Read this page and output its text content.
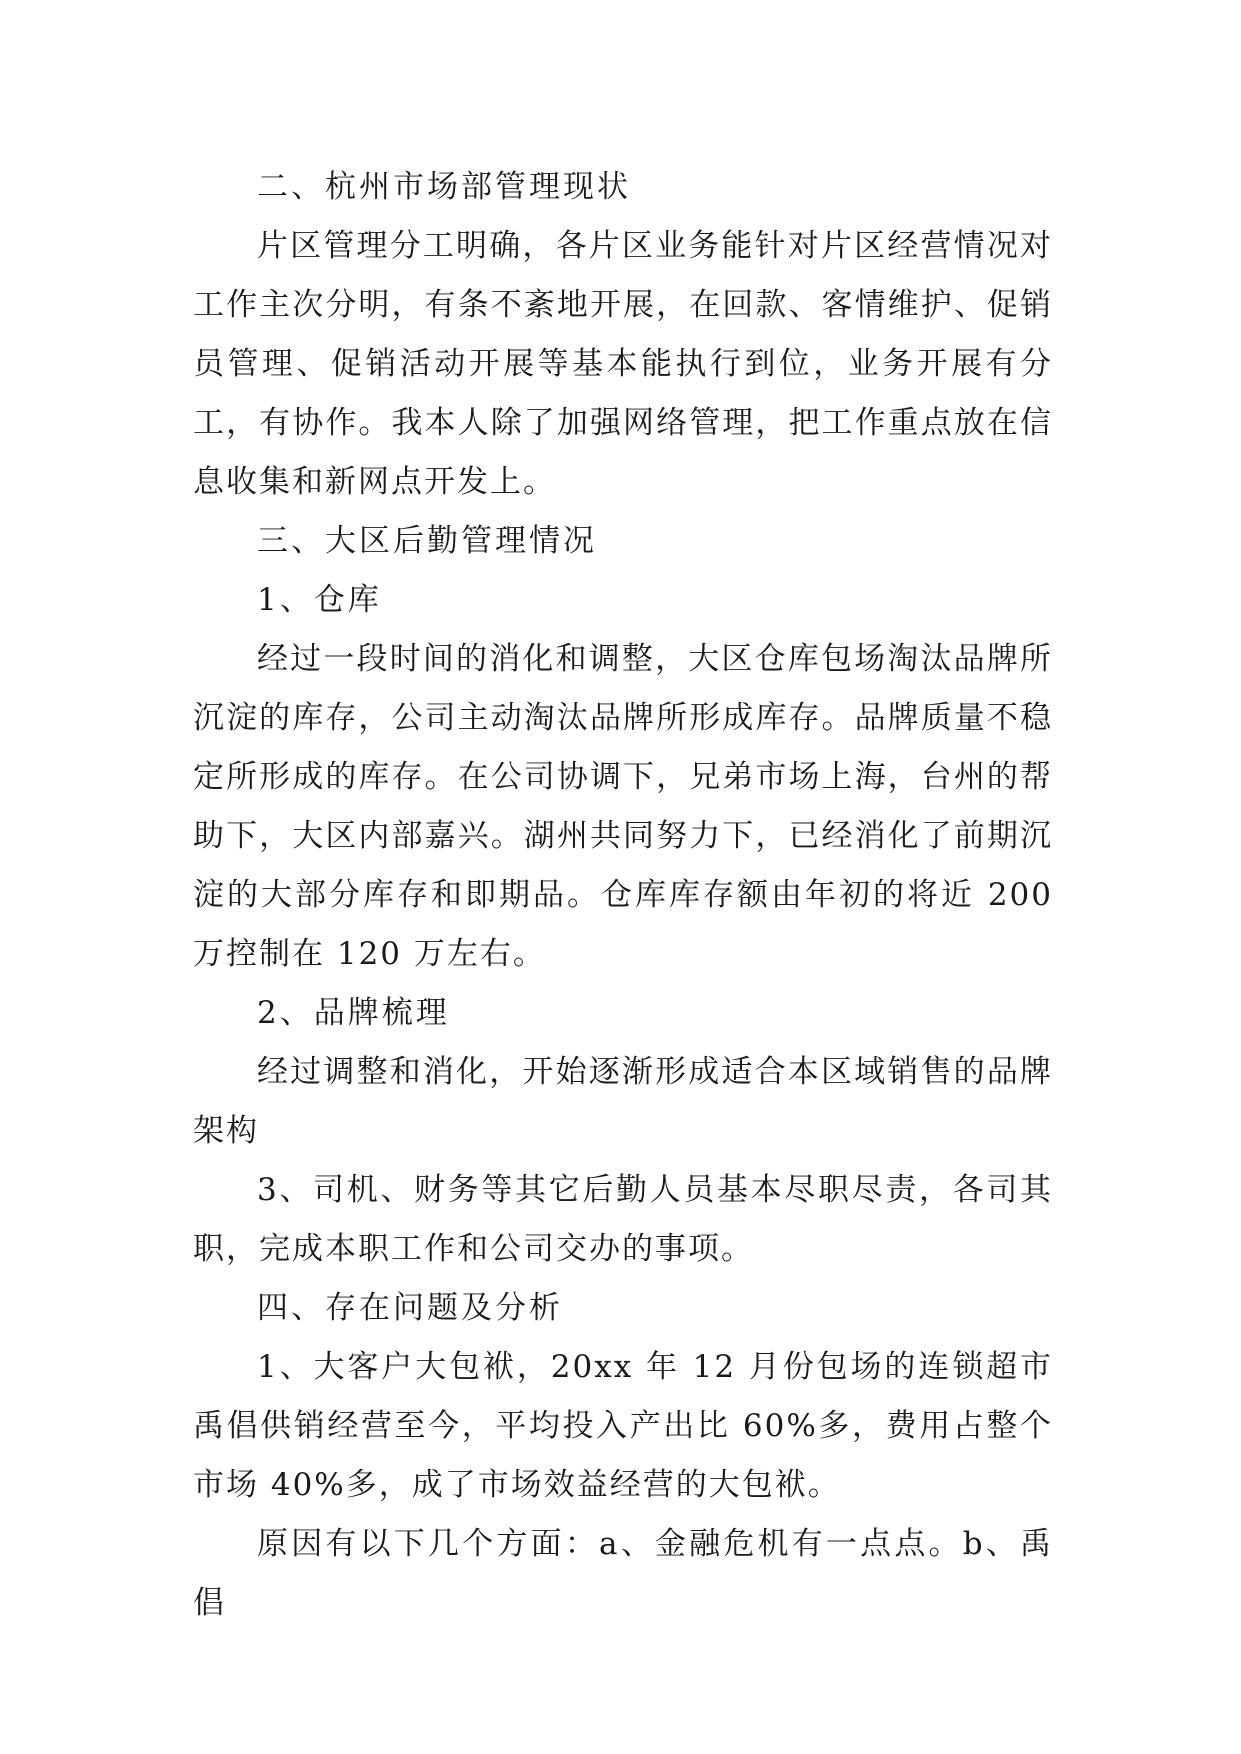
二、杭州市场部管理现状

片区管理分工明确，各片区业务能针对片区经营情况对工作主次分明，有条不紊地开展，在回款、客情维护、促销员管理、促销活动开展等基本能执行到位，业务开展有分工，有协作。我本人除了加强网络管理，把工作重点放在信息收集和新网点开发上。

三、大区后勤管理情况

1、仓库

经过一段时间的消化和调整，大区仓库包场淘汰品牌所沉淀的库存，公司主动淘汰品牌所形成库存。品牌质量不稳定所形成的库存。在公司协调下，兄弟市场上海，台州的帮助下，大区内部嘉兴。湖州共同努力下，已经消化了前期沉淀的大部分库存和即期品。仓库库存额由年初的将近 200 万控制在 120 万左右。

2、品牌梳理

经过调整和消化，开始逐渐形成适合本区域销售的品牌架构

3、司机、财务等其它后勤人员基本尽职尽责，各司其职，完成本职工作和公司交办的事项。

四、存在问题及分析

1、大客户大包袱，20xx 年 12 月份包场的连锁超市禹倡供销经营至今，平均投入产出比 60%多，费用占整个市场 40%多，成了市场效益经营的大包袱。

原因有以下几个方面：a、金融危机有一点点。b、禹倡
